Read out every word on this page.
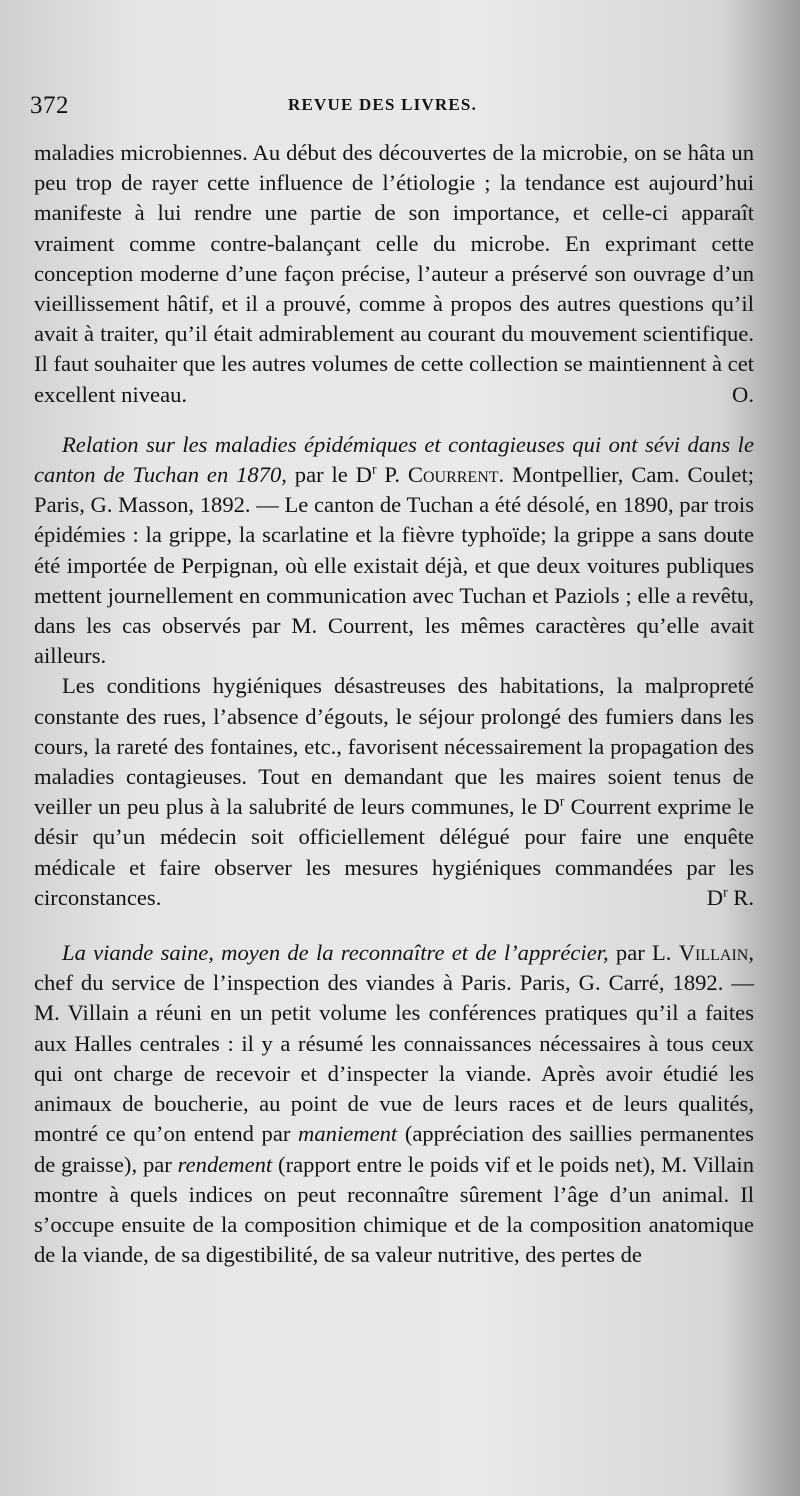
372	REVUE DES LIVRES.

maladies microbiennes. Au début des découvertes de la microbie, on se hâta un peu trop de rayer cette influence de l’étiologie ; la tendance est aujourd’hui manifeste à lui rendre une partie de son importance, et celle-ci apparaît vraiment comme contre-balançant celle du microbe. En exprimant cette conception moderne d’une façon précise, l’auteur a préservé son ouvrage d’un vieillissement hâtif, et il a prouvé, comme à propos des autres questions qu’il avait à traiter, qu’il était admirablement au courant du mouvement scientifique. Il faut souhaiter que les autres volumes de cette collection se maintiennent à cet excellent niveau.	O.

Relation sur les maladies épidémiques et contagieuses qui ont sévi dans le canton de Tuchan en 1870, par le $D^r$ P. Courrent. Montpellier, Cam. Coulet; Paris, G. Masson, 1892. — Le canton de Tuchan a été désolé, en 1890, par trois épidémies : la grippe, la scarlatine et la fièvre typhoïde; la grippe a sans doute été importée de Perpignan, où elle existait déjà, et que deux voitures publiques mettent journellement en communication avec Tuchan et Paziols ; elle a revêtu, dans les cas observés par M. Courrent, les mêmes caractères qu’elle avait ailleurs.

Les conditions hygiéniques désastreuses des habitations, la malpropreté constante des rues, l’absence d’égouts, le séjour prolongé des fumiers dans les cours, la rareté des fontaines, etc., favorisent nécessairement la propagation des maladies contagieuses. Tout en demandant que les maires soient tenus de veiller un peu plus à la salubrité de leurs communes, le $D^r$ Courrent exprime le désir qu’un médecin soit officiellement délégué pour faire une enquête médicale et faire observer les mesures hygiéniques commandées par les circonstances.	$D^r$ R.

La viande saine, moyen de la reconnaître et de l’apprécier, par L. Villain, chef du service de l’inspection des viandes à Paris. Paris, G. Carré, 1892. — M. Villain a réuni en un petit volume les conférences pratiques qu’il a faites aux Halles centrales : il y a résumé les connaissances nécessaires à tous ceux qui ont charge de recevoir et d’inspecter la viande. Après avoir étudié les animaux de boucherie, au point de vue de leurs races et de leurs qualités, montré ce qu’on entend par maniement (appréciation des saillies permanentes de graisse), par rendement (rapport entre le poids vif et le poids net), M. Villain montre à quels indices on peut reconnaître sûrement l’âge d’un animal. Il s’occupe ensuite de la composition chimique et de la composition anatomique de la viande, de sa digestibilité, de sa valeur nutritive, des pertes de
